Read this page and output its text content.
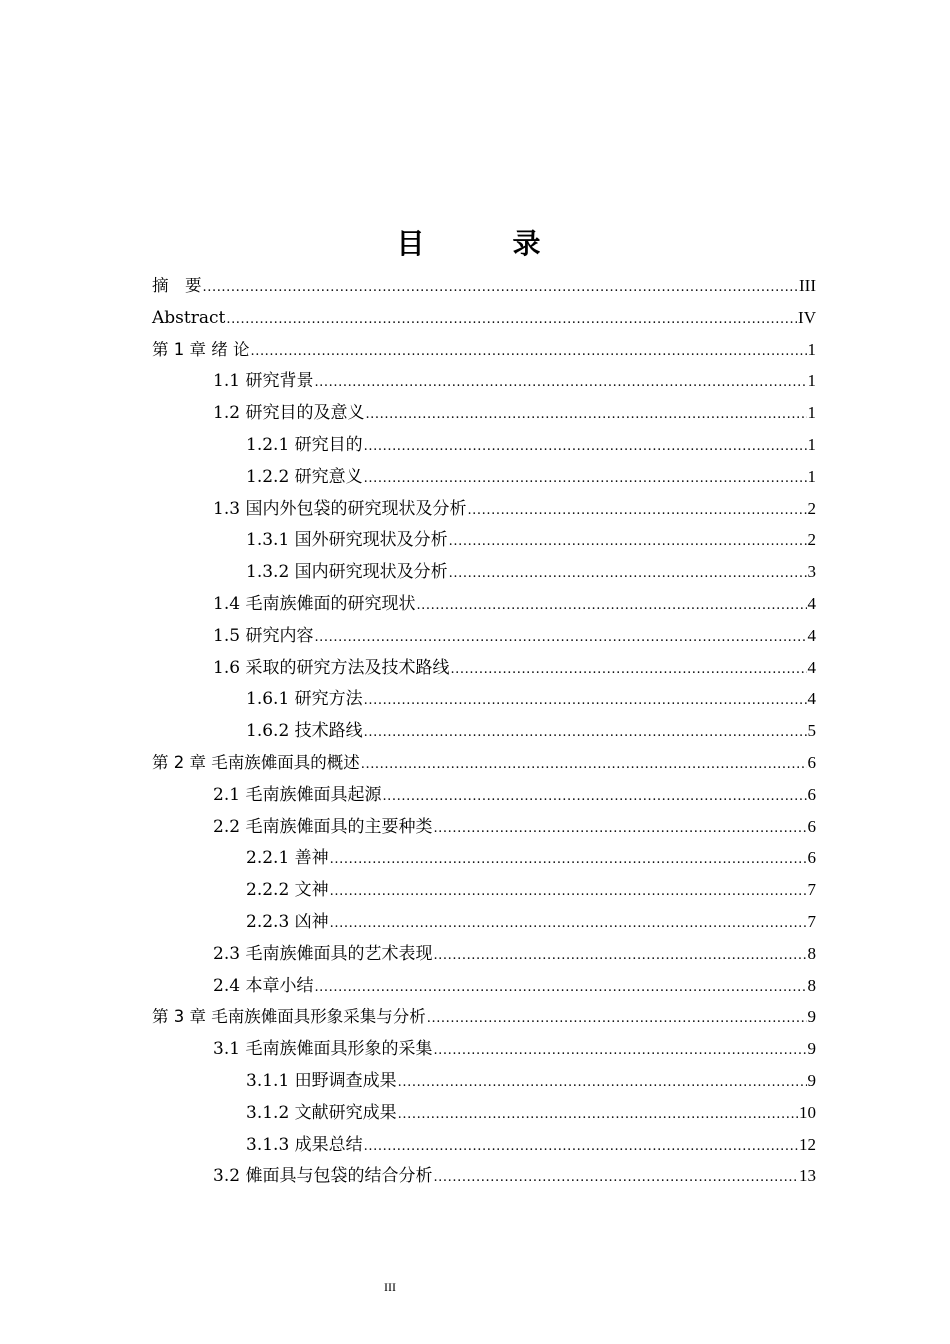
目　录
摘　要 .....	III
Abstract .....	IV
第 1 章 绪 论 .....	1
1.1 研究背景 .....	1
1.2 研究目的及意义 .....	1
1.2.1 研究目的 .....	1
1.2.2 研究意义 .....	1
1.3 国内外包袋的研究现状及分析 .....	2
1.3.1 国外研究现状及分析 .....	2
1.3.2 国内研究现状及分析 .....	3
1.4 毛南族傩面的研究现状 .....	4
1.5 研究内容 .....	4
1.6 采取的研究方法及技术路线 .....	4
1.6.1 研究方法 .....	4
1.6.2 技术路线 .....	5
第 2 章 毛南族傩面具的概述 .....	6
2.1 毛南族傩面具起源 .....	6
2.2 毛南族傩面具的主要种类 .....	6
2.2.1 善神 .....	6
2.2.2 文神 .....	7
2.2.3 凶神 .....	7
2.3 毛南族傩面具的艺术表现 .....	8
2.4 本章小结 .....	8
第 3 章 毛南族傩面具形象采集与分析 .....	9
3.1 毛南族傩面具形象的采集 .....	9
3.1.1 田野调查成果 .....	9
3.1.2 文献研究成果 .....	10
3.1.3 成果总结 .....	12
3.2 傩面具与包袋的结合分析 .....	13
III
